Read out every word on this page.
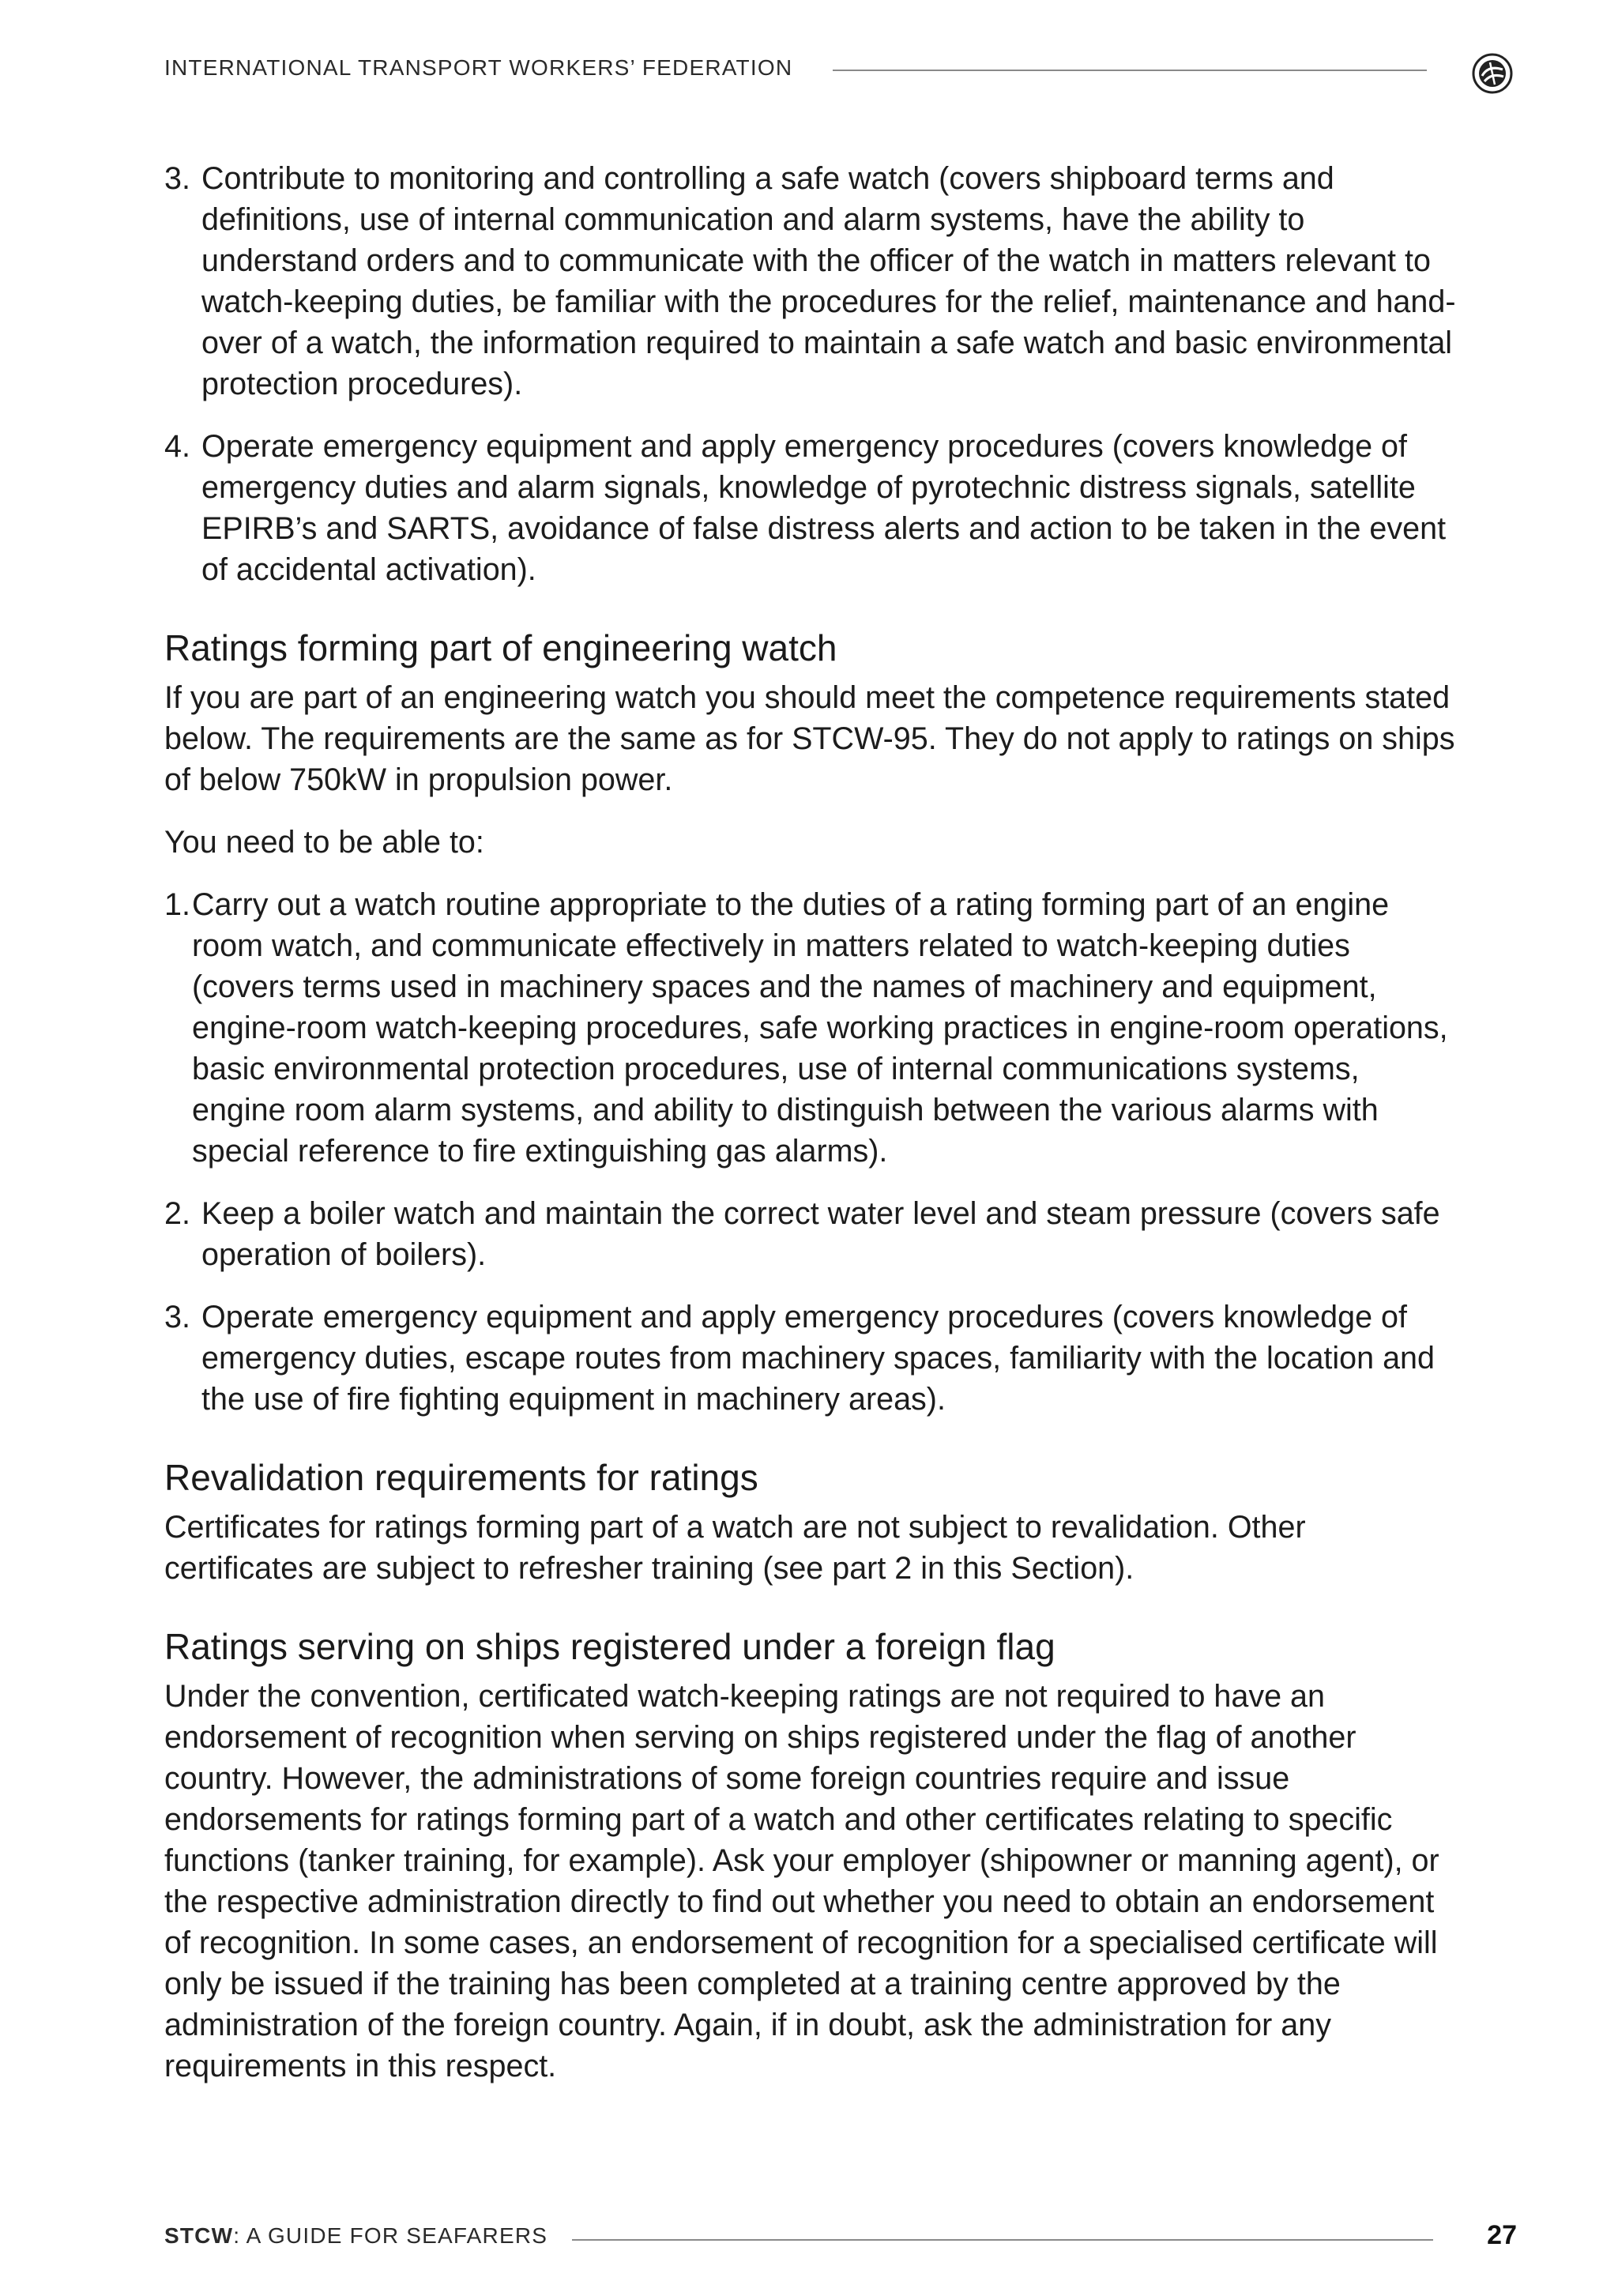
INTERNATIONAL TRANSPORT WORKERS’ FEDERATION
3. Contribute to monitoring and controlling a safe watch (covers shipboard terms and definitions, use of internal communication and alarm systems, have the ability to understand orders and to communicate with the officer of the watch in matters relevant to watch-keeping duties, be familiar with the procedures for the relief, maintenance and hand-over of a watch, the information required to maintain a safe watch and basic environmental protection procedures).
4. Operate emergency equipment and apply emergency procedures (covers knowledge of emergency duties and alarm signals, knowledge of pyrotechnic distress signals, satellite EPIRB’s and SARTS, avoidance of false distress alerts and action to be taken in the event of accidental activation).
Ratings forming part of engineering watch
If you are part of an engineering watch you should meet the competence requirements stated below. The requirements are the same as for STCW-95. They do not apply to ratings on ships of below 750kW in propulsion power.
You need to be able to:
1. Carry out a watch routine appropriate to the duties of a rating forming part of an engine room watch, and communicate effectively in matters related to watch-keeping duties (covers terms used in machinery spaces and the names of machinery and equipment, engine-room watch-keeping procedures, safe working practices in engine-room operations, basic environmental protection procedures, use of internal communications systems, engine room alarm systems, and ability to distinguish between the various alarms with special reference to fire extinguishing gas alarms).
2. Keep a boiler watch and maintain the correct water level and steam pressure (covers safe operation of boilers).
3. Operate emergency equipment and apply emergency procedures (covers knowledge of emergency duties, escape routes from machinery spaces, familiarity with the location and the use of fire fighting equipment in machinery areas).
Revalidation requirements for ratings
Certificates for ratings forming part of a watch are not subject to revalidation. Other certificates are subject to refresher training (see part 2 in this Section).
Ratings serving on ships registered under a foreign flag
Under the convention, certificated watch-keeping ratings are not required to have an endorsement of recognition when serving on ships registered under the flag of another country. However, the administrations of some foreign countries require and issue endorsements for ratings forming part of a watch and other certificates relating to specific functions (tanker training, for example). Ask your employer (shipowner or manning agent), or the respective administration directly to find out whether you need to obtain an endorsement of recognition. In some cases, an endorsement of recognition for a specialised certificate will only be issued if the training has been completed at a training centre approved by the administration of the foreign country. Again, if in doubt, ask the administration for any requirements in this respect.
STCW: A GUIDE FOR SEAFARERS	27
